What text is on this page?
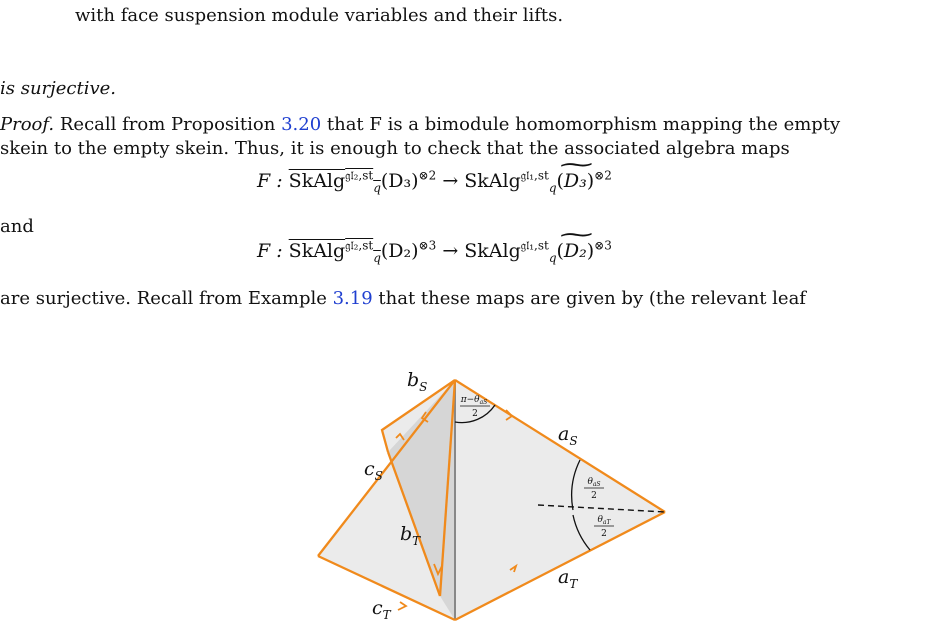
with face suspension module variables and their lifts.
is surjective.
Proof. Recall from Proposition 3.20 that F is a bimodule homomorphism mapping the empty
skein to the empty skein. Thus, it is enough to check that the associated algebra maps
F : $SkAlg^{𝔤𝔩_2,st}_q(D_3)^{\otimes 2}$ → SkAlg$^{𝔤𝔩_1,st}_q$(~ D₃)$^{\otimes 2}$
and
F : $SkAlg^{𝔤𝔩_2,st}_q(D_2)^{\otimes 3}$ → SkAlg$^{𝔤𝔩_1,st}_q$(~ D₂)$^{\otimes 3}$
are surjective. Recall from Example 3.19 that these maps are given by (the relevant leaf
$b_S$
$a_S$
$c_S$
$b_T$
$a_T$
$c_T$
$\pi-\theta_{aS}$
2
$\theta_{aS}$
2
$\theta_{aT}$
2
